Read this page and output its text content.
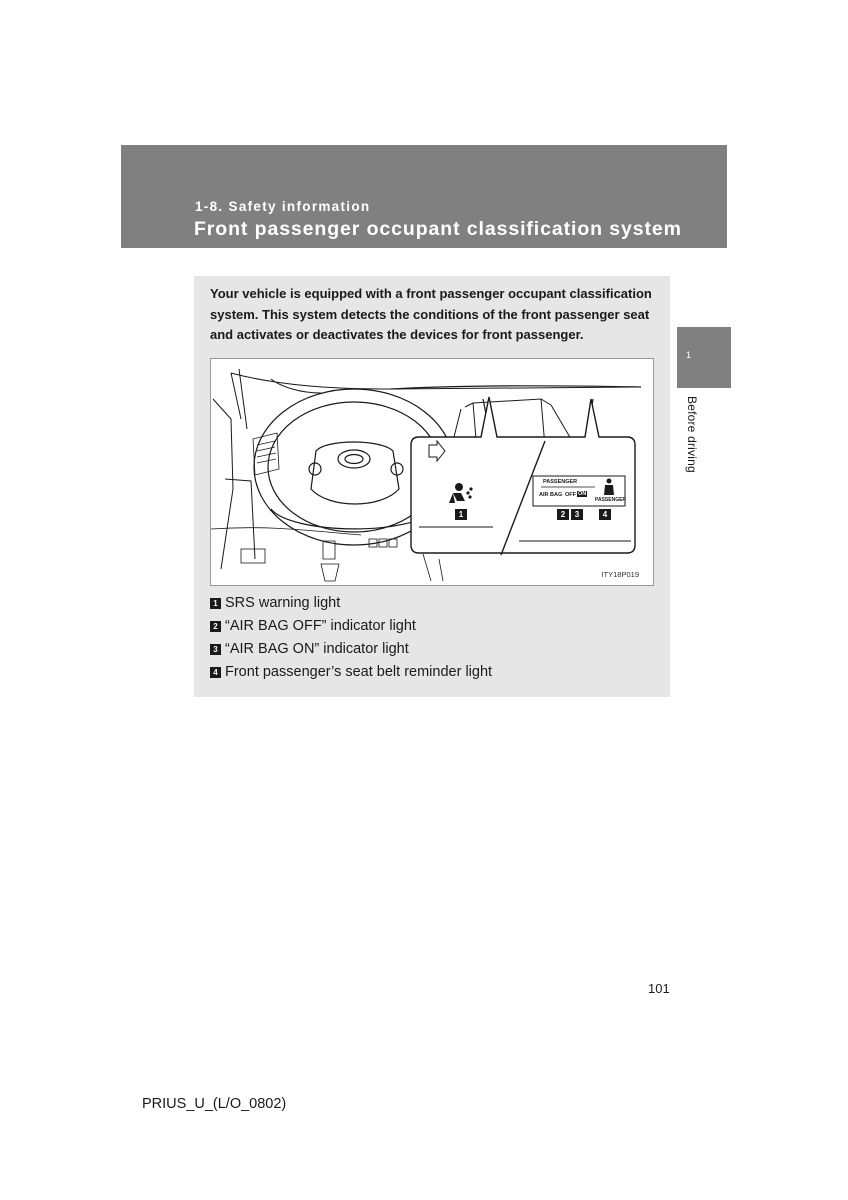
1-8. Safety information
Front passenger occupant classification system
1
Before driving

Your vehicle is equipped with a front passenger occupant classification system. This system detects the conditions of the front passenger seat and activates or deactivates the devices for front passenger.

1	2	3	4
PASSENGER
AIR BAG OFF ON
PASSENGER
ITY18P019
1 SRS warning light
2 “AIR BAG OFF” indicator light
3 “AIR BAG ON” indicator light
4 Front passenger’s seat belt reminder light
101
PRIUS_U_(L/O_0802)
